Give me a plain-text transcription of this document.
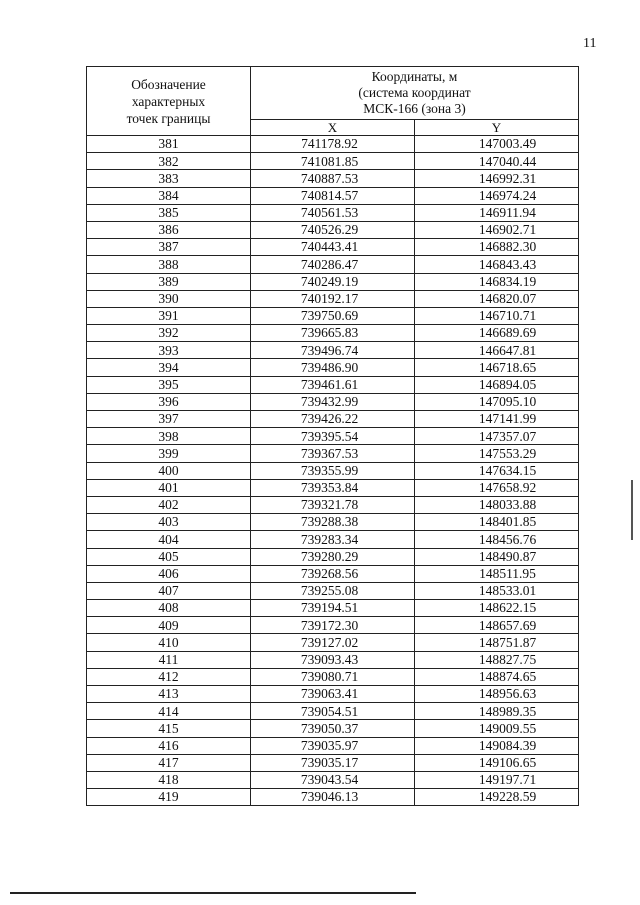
11
Обозначение
характерных
точек границы	Координаты, м
(система координат
МСК-166 (зона 3)	
	X	Y
381	741178.92	147003.49
382	741081.85	147040.44
383	740887.53	146992.31
384	740814.57	146974.24
385	740561.53	146911.94
386	740526.29	146902.71
387	740443.41	146882.30
388	740286.47	146843.43
389	740249.19	146834.19
390	740192.17	146820.07
391	739750.69	146710.71
392	739665.83	146689.69
393	739496.74	146647.81
394	739486.90	146718.65
395	739461.61	146894.05
396	739432.99	147095.10
397	739426.22	147141.99
398	739395.54	147357.07
399	739367.53	147553.29
400	739355.99	147634.15
401	739353.84	147658.92
402	739321.78	148033.88
403	739288.38	148401.85
404	739283.34	148456.76
405	739280.29	148490.87
406	739268.56	148511.95
407	739255.08	148533.01
408	739194.51	148622.15
409	739172.30	148657.69
410	739127.02	148751.87
411	739093.43	148827.75
412	739080.71	148874.65
413	739063.41	148956.63
414	739054.51	148989.35
415	739050.37	149009.55
416	739035.97	149084.39
417	739035.17	149106.65
418	739043.54	149197.71
419	739046.13	149228.59
